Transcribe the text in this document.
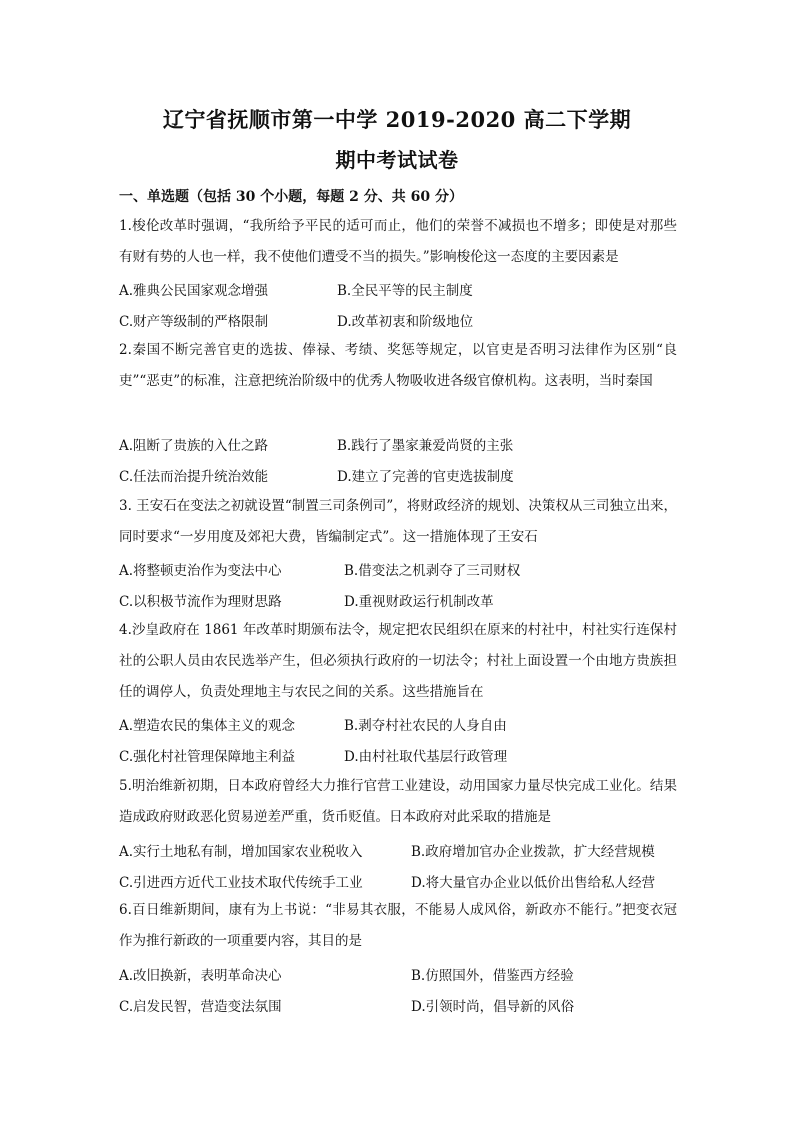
辽宁省抚顺市第一中学 2019-2020 高二下学期
期中考试试卷
一、单选题（包括 30 个小题，每题 2 分、共 60 分）
1.梭伦改革时强调，“我所给予平民的适可而止，他们的荣誉不减损也不增多；即使是对那些有财有势的人也一样，我不使他们遭受不当的损失。”影响梭伦这一态度的主要因素是
A.雅典公民国家观念增强	B.全民平等的民主制度
C.财产等级制的严格限制	D.改革初衷和阶级地位
2.秦国不断完善官吏的选拔、俸禄、考绩、奖惩等规定，以官吏是否明习法律作为区别“良吏”“恶吏”的标准，注意把统治阶级中的优秀人物吸收进各级官僚机构。这表明，当时秦国
A.阻断了贵族的入仕之路	B.践行了墨家兼爱尚贤的主张
C.任法而治提升统治效能	D.建立了完善的官吏选拔制度
3. 王安石在变法之初就设置“制置三司条例司”，将财政经济的规划、决策权从三司独立出来，同时要求“一岁用度及郊祀大费，皆编制定式”。这一措施体现了王安石
A.将整顿吏治作为变法中心	B.借变法之机剥夺了三司财权
C.以积极节流作为理财思路	D.重视财政运行机制改革
4.沙皇政府在 1861 年改革时期颁布法令，规定把农民组织在原来的村社中，村社实行连保村社的公职人员由农民选举产生，但必须执行政府的一切法令；村社上面设置一个由地方贵族担任的调停人，负责处理地主与农民之间的关系。这些措施旨在
A.塑造农民的集体主义的观念	B.剥夺村社农民的人身自由
C.强化村社管理保障地主利益	D.由村社取代基层行政管理
5.明治维新初期，日本政府曾经大力推行官营工业建设，动用国家力量尽快完成工业化。结果造成政府财政恶化贸易逆差严重，货币贬值。日本政府对此采取的措施是
A.实行土地私有制，增加国家农业税收入	B.政府增加官办企业拨款，扩大经营规模
C.引进西方近代工业技术取代传统手工业	D.将大量官办企业以低价出售给私人经营
6.百日维新期间，康有为上书说：“非易其衣服，不能易人成风俗，新政亦不能行。”把变衣冠作为推行新政的一项重要内容，其目的是
A.改旧换新，表明革命决心	B.仿照国外，借鉴西方经验
C.启发民智，营造变法氛围	D.引领时尚，倡导新的风俗
